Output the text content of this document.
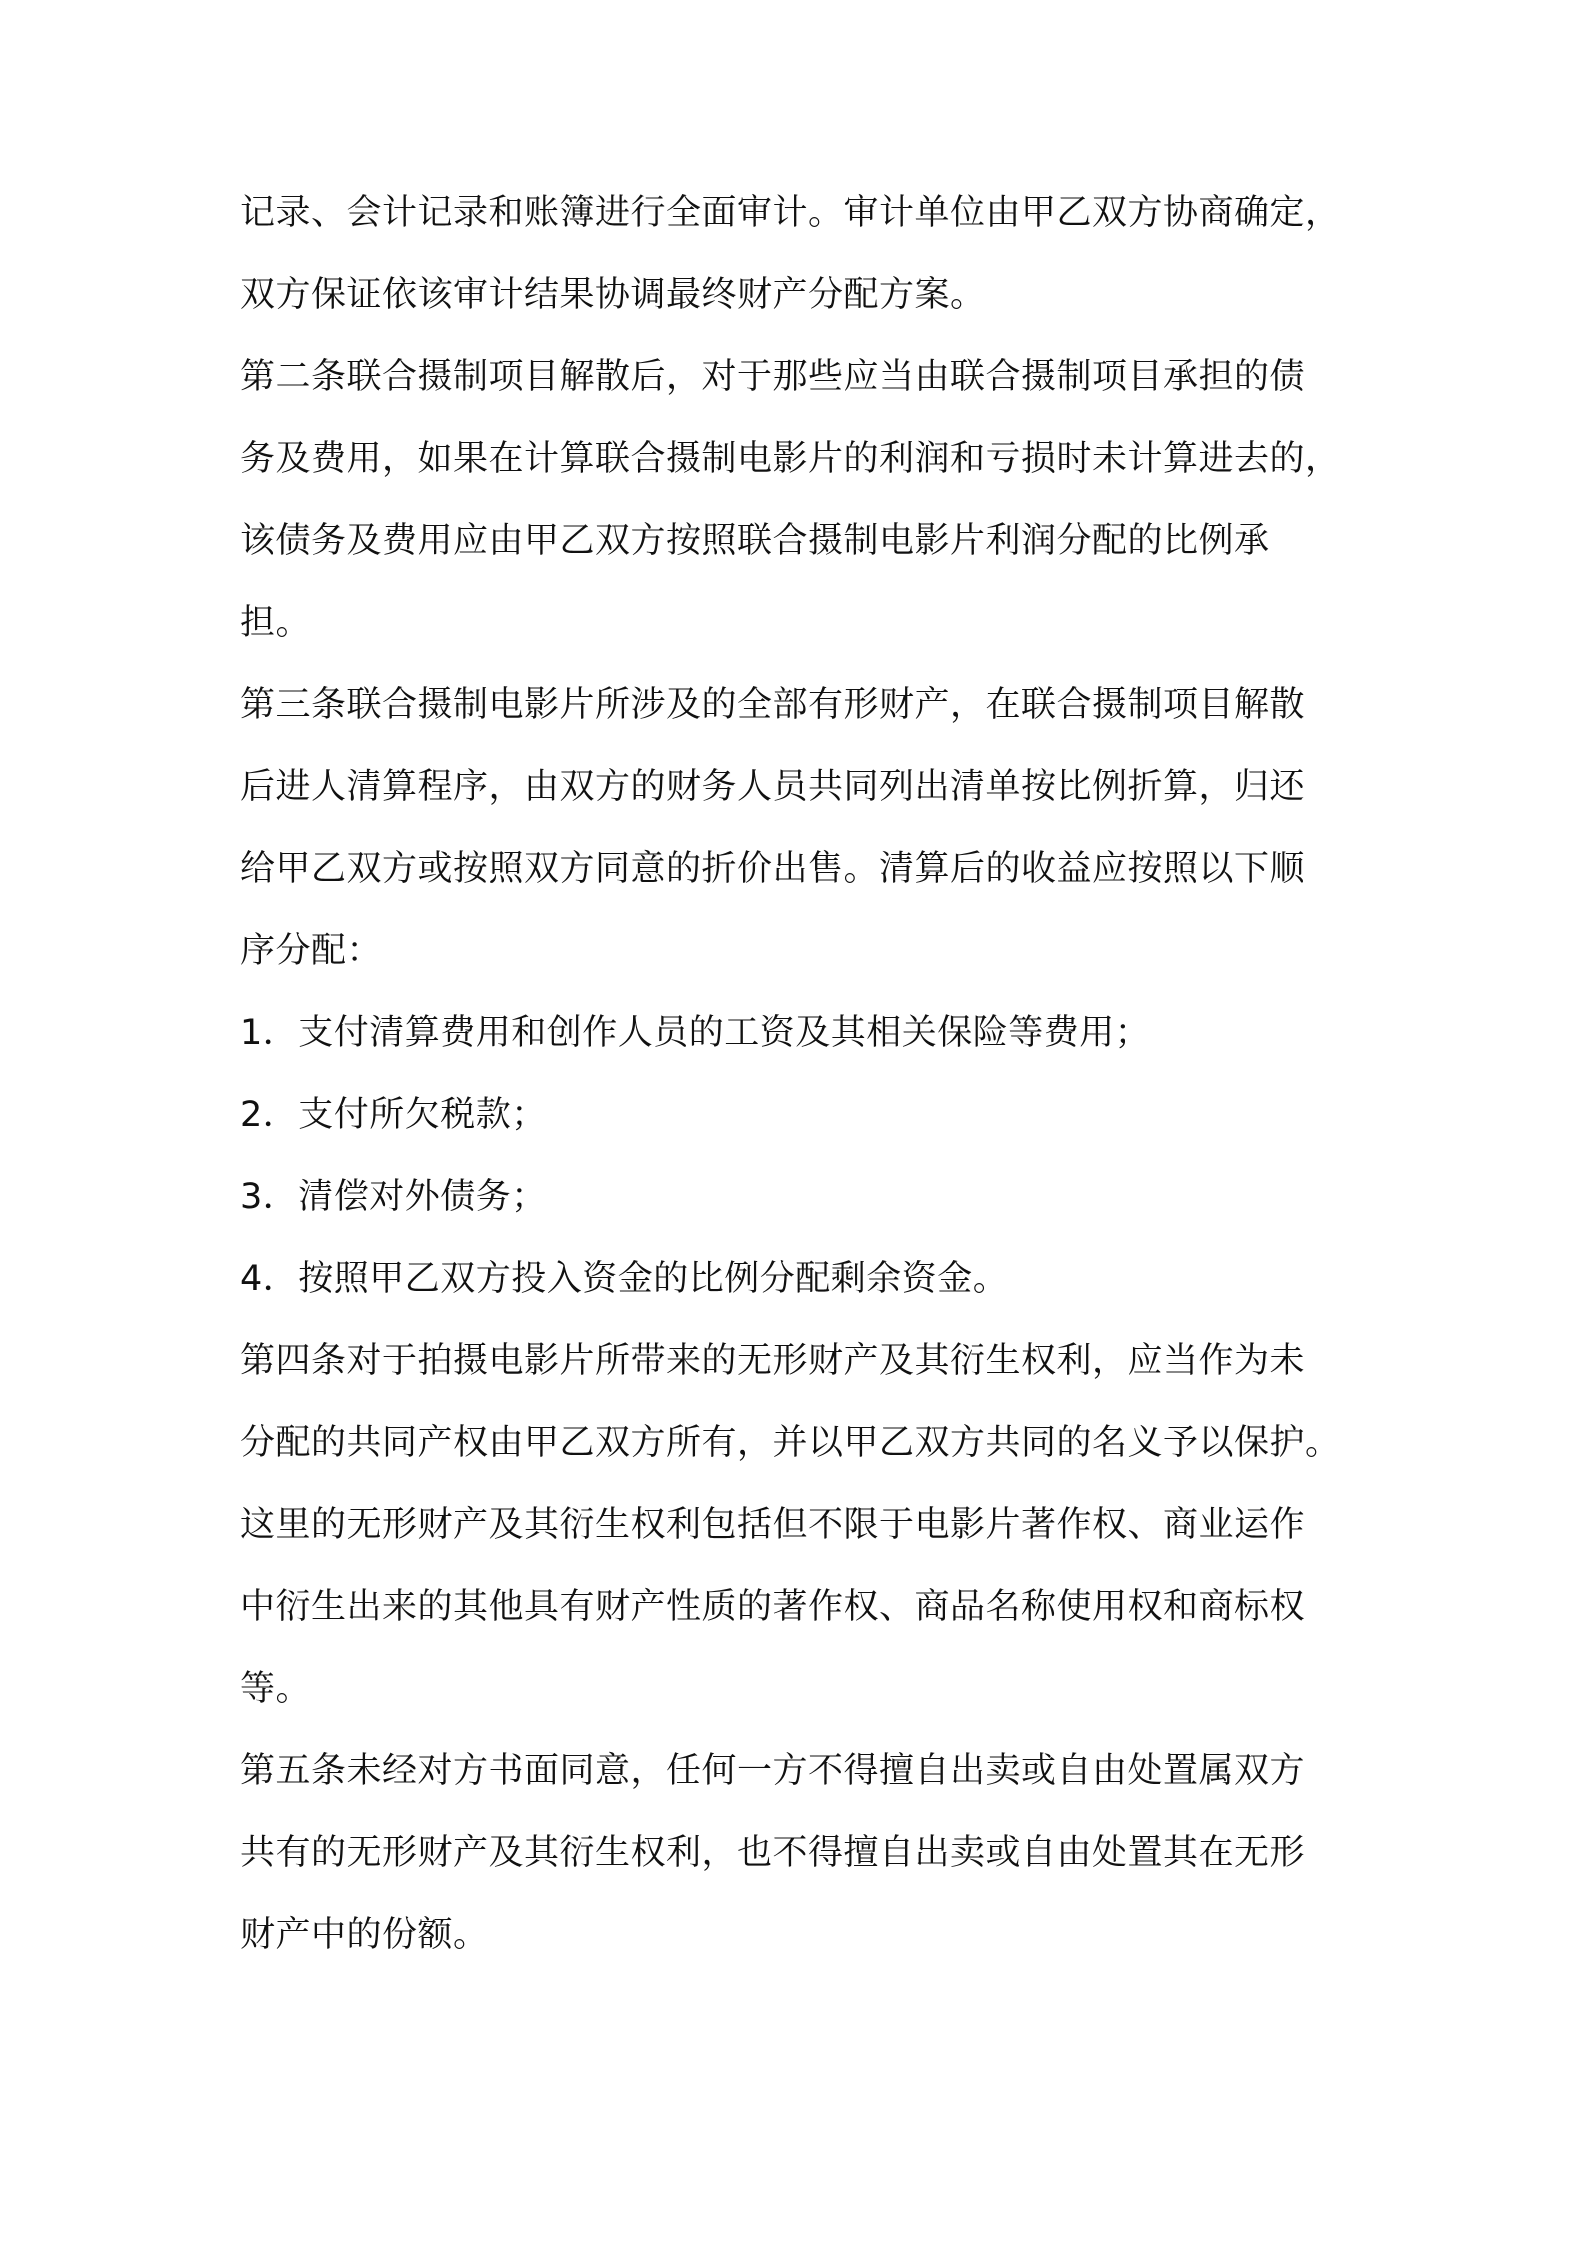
记录、会计记录和账簿进行全面审计。审计单位由甲乙双方协商确定，
双方保证依该审计结果协调最终财产分配方案。
第二条联合摄制项目解散后，对于那些应当由联合摄制项目承担的债
务及费用，如果在计算联合摄制电影片的利润和亏损时未计算进去的，
该债务及费用应由甲乙双方按照联合摄制电影片利润分配的比例承
担。
第三条联合摄制电影片所涉及的全部有形财产，在联合摄制项目解散
后进人清算程序，由双方的财务人员共同列出清单按比例折算，归还
给甲乙双方或按照双方同意的折价出售。清算后的收益应按照以下顺
序分配：
1．支付清算费用和创作人员的工资及其相关保险等费用；
2．支付所欠税款；
3．清偿对外债务；
4．按照甲乙双方投入资金的比例分配剩余资金。
第四条对于拍摄电影片所带来的无形财产及其衍生权利，应当作为未
分配的共同产权由甲乙双方所有，并以甲乙双方共同的名义予以保护。
这里的无形财产及其衍生权利包括但不限于电影片著作权、商业运作
中衍生出来的其他具有财产性质的著作权、商品名称使用权和商标权
等。
第五条未经对方书面同意，任何一方不得擅自出卖或自由处置属双方
共有的无形财产及其衍生权利，也不得擅自出卖或自由处置其在无形
财产中的份额。
